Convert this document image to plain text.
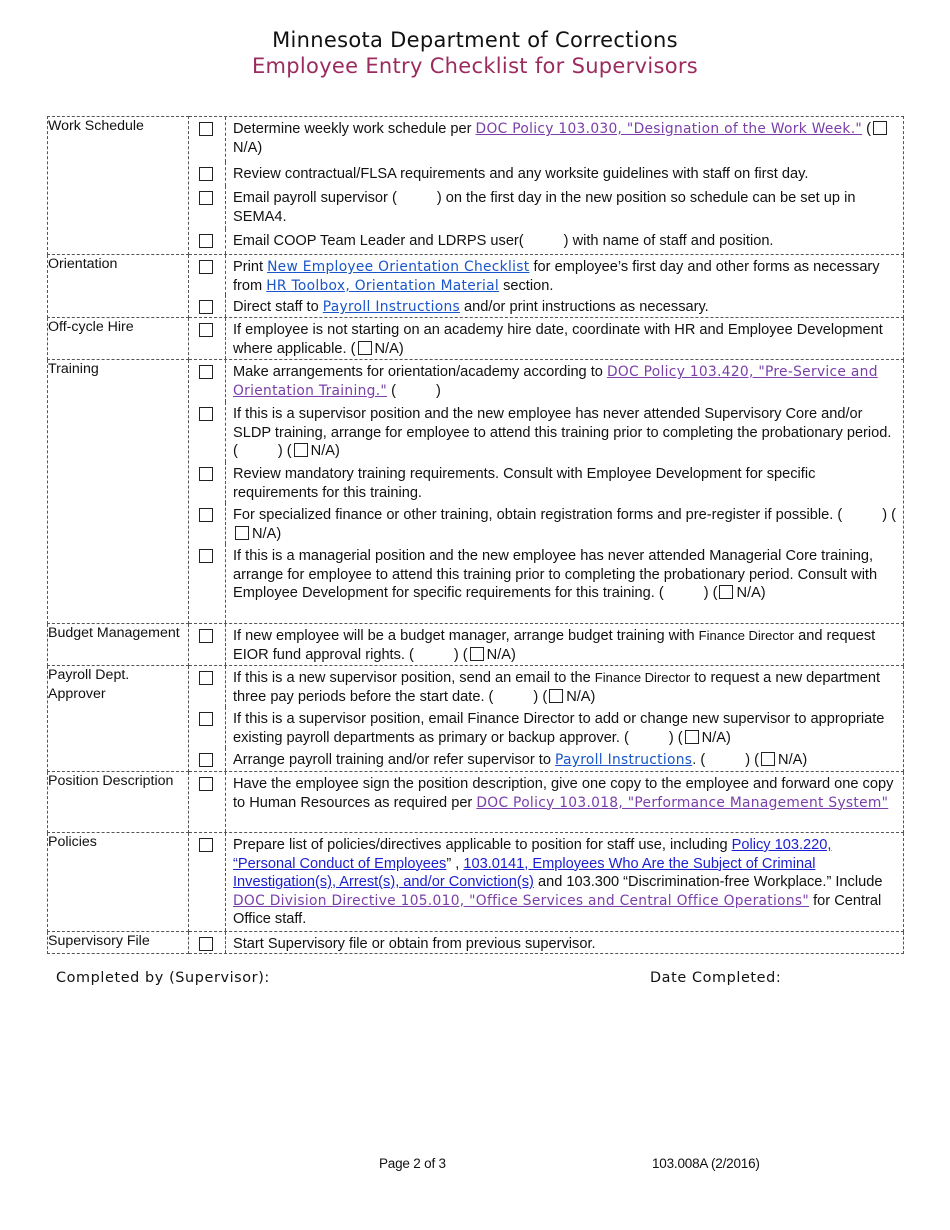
Minnesota Department of Corrections
Employee Entry Checklist for Supervisors
Work Schedule	Determine weekly work schedule per DOC Policy 103.030, "Designation of the Work Week." (N/A)
Review contractual/FLSA requirements and any worksite guidelines with staff on first day.
Email payroll supervisor ( ) on the first day in the new position so schedule can be set up in SEMA4.
Email COOP Team Leader and LDRPS user( ) with name of staff and position.

Orientation	Print New Employee Orientation Checklist for employee’s first day and other forms as necessary from HR Toolbox, Orientation Material section.
Direct staff to Payroll Instructions and/or print instructions as necessary.

Off-cycle Hire	If employee is not starting on an academy hire date, coordinate with HR and Employee Development where applicable. ( N/A)

Training	Make arrangements for orientation/academy according to DOC Policy 103.420, "Pre-Service and Orientation Training." ( )
If this is a supervisor position and the new employee has never attended Supervisory Core and/or SLDP training, arrange for employee to attend this training prior to completing the probationary period. ( ) ( N/A)
Review mandatory training requirements. Consult with Employee Development for specific requirements for this training.
For specialized finance or other training, obtain registration forms and pre-register if possible. ( ) (N/A)
If this is a managerial position and the new employee has never attended Managerial Core training, arrange for employee to attend this training prior to completing the probationary period. Consult with Employee Development for specific requirements for this training. ( ) ( N/A)

Budget Management	If new employee will be a budget manager, arrange budget training with Finance Director and request EIOR fund approval rights. ( ) ( N/A)

Payroll Dept. Approver	If this is a new supervisor position, send an email to the Finance Director to request a new department three pay periods before the start date. ( ) ( N/A)
If this is a supervisor position, email Finance Director to add or change new supervisor to appropriate existing payroll departments as primary or backup approver. ( ) ( N/A)
Arrange payroll training and/or refer supervisor to Payroll Instructions. ( ) ( N/A)

Position Description	Have the employee sign the position description, give one copy to the employee and forward one copy to Human Resources as required per DOC Policy 103.018, "Performance Management System"

Policies	Prepare list of policies/directives applicable to position for staff use, including Policy 103.220, “Personal Conduct of Employees” , 103.0141, Employees Who Are the Subject of Criminal Investigation(s), Arrest(s), and/or Conviction(s) and 103.300 “Discrimination-free Workplace.” Include DOC Division Directive 105.010, "Office Services and Central Office Operations" for Central Office staff.

Supervisory File	Start Supervisory file or obtain from previous supervisor.
Completed by (Supervisor):	Date Completed:
Page 2 of 3	103.008A (2/2016)
